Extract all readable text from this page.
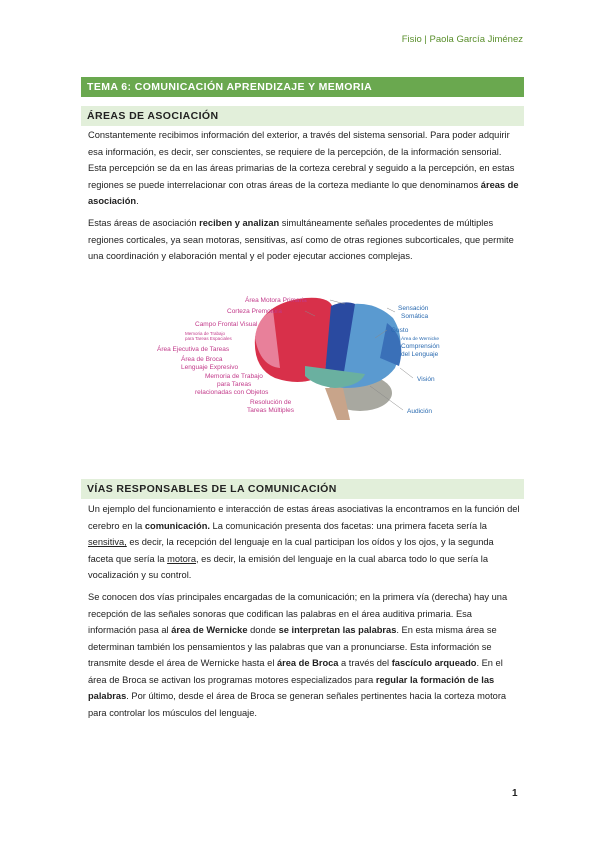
Fisio | Paola García Jiménez
TEMA 6: COMUNICACIÓN APRENDIZAJE Y MEMORIA
ÁREAS DE ASOCIACIÓN
Constantemente recibimos información del exterior, a través del sistema sensorial. Para poder adquirir esa información, es decir, ser conscientes, se requiere de la percepción, de la información sensorial. Esta percepción se da en las áreas primarias de la corteza cerebral y seguido a la percepción, en estas regiones se puede interrelacionar con otras áreas de la corteza mediante lo que denominamos áreas de asociación.
Estas áreas de asociación reciben y analizan simultáneamente señales procedentes de múltiples regiones corticales, ya sean motoras, sensitivas, así como de otras regiones subcorticales, que permite una coordinación y elaboración mental y el poder ejecutar acciones complejas.
Área Motora Primaria
Corteza Premotora
Campo Frontal Visual
Memoria de Trabajo
para Tareas Espaciales
Área Ejecutiva de Tareas
Área de Broca
Lenguaje Expresivo
Memoria de Trabajo
para Tareas
relacionadas con Objetos
Resolución de
Tareas Múltiples
Sensación
Somática
Gusto
Área de Wernicke
Comprensión
del Lenguaje
Visión
Audición
VÍAS RESPONSABLES DE LA COMUNICACIÓN
Un ejemplo del funcionamiento e interacción de estas áreas asociativas la encontramos en la función del cerebro en la comunicación. La comunicación presenta dos facetas: una primera faceta sería la sensitiva, es decir, la recepción del lenguaje en la cual participan los oídos y los ojos, y la segunda faceta que sería la motora, es decir, la emisión del lenguaje en la cual abarca todo lo que sería la vocalización y su control.
Se conocen dos vías principales encargadas de la comunicación; en la primera vía (derecha) hay una recepción de las señales sonoras que codifican las palabras en el área auditiva primaria. Esa información pasa al área de Wernicke donde se interpretan las palabras. En esta misma área se determinan también los pensamientos y las palabras que van a pronunciarse. Esta información se transmite desde el área de Wernicke hasta el área de Broca a través del fascículo arqueado. En el área de Broca se activan los programas motores especializados para regular la formación de las palabras. Por último, desde el área de Broca se generan señales pertinentes hacia la corteza motora para controlar los músculos del lenguaje.
1
